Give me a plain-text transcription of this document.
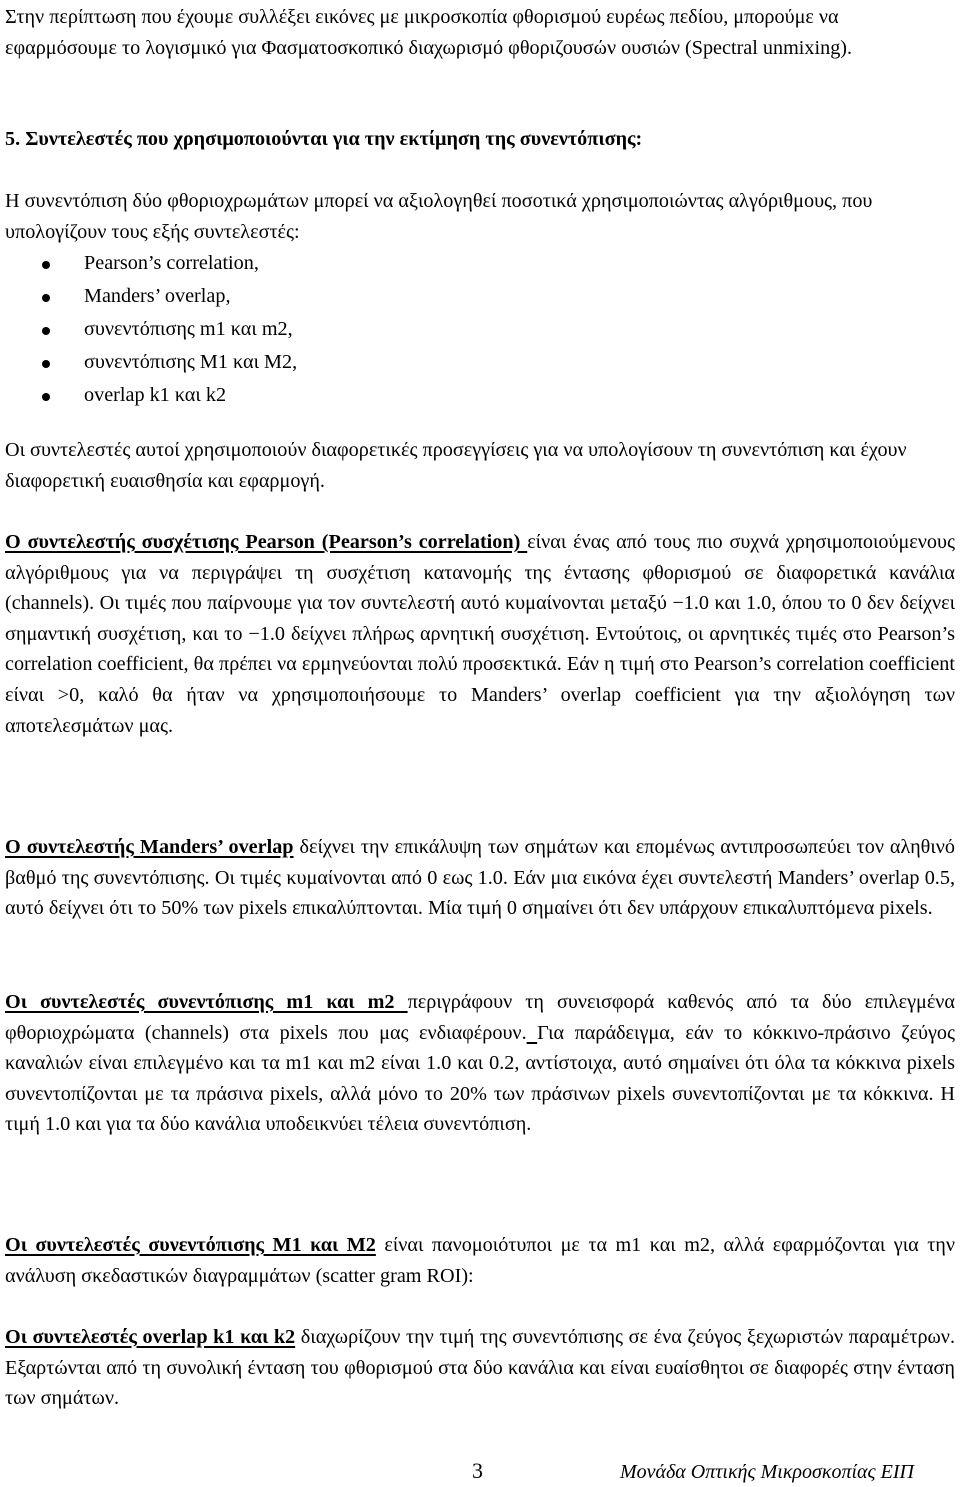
Στην περίπτωση που έχουμε συλλέξει εικόνες με μικροσκοπία φθορισμού ευρέως πεδίου, μπορούμε να εφαρμόσουμε το λογισμικό για Φασματοσκοπικό διαχωρισμό φθοριζουσών ουσιών (Spectral unmixing).

5. Συντελεστές που χρησιμοποιούνται για την εκτίμηση της συνεντόπισης:

Η συνεντόπιση δύο φθοριοχρωμάτων μπορεί να αξιολογηθεί ποσοτικά χρησιμοποιώντας αλγόριθμους, που υπολογίζουν τους εξής συντελεστές:

Pearson’s correlation,
Manders’ overlap,
συνεντόπισης m1 και m2,
συνεντόπισης M1 και M2,
overlap k1 και k2

Οι συντελεστές αυτοί χρησιμοποιούν διαφορετικές προσεγγίσεις για να υπολογίσουν τη συνεντόπιση και έχουν διαφορετική ευαισθησία και εφαρμογή.

Ο συντελεστής συσχέτισης Pearson (Pearson’s correlation) είναι ένας από τους πιο συχνά χρησιμοποιούμενους αλγόριθμους για να περιγράψει τη συσχέτιση κατανομής της έντασης φθορισμού σε διαφορετικά κανάλια (channels). Οι τιμές που παίρνουμε για τον συντελεστή αυτό κυμαίνονται μεταξύ −1.0 και 1.0, όπου το 0 δεν δείχνει σημαντική συσχέτιση, και το −1.0 δείχνει πλήρως αρνητική συσχέτιση. Εντούτοις, οι αρνητικές τιμές στο Pearson’s correlation coefficient, θα πρέπει να ερμηνεύονται πολύ προσεκτικά. Εάν η τιμή στο Pearson’s correlation coefficient είναι >0, καλό θα ήταν να χρησιμοποιήσουμε το Manders’ overlap coefficient για την αξιολόγηση των αποτελεσμάτων μας.

Ο συντελεστής Manders’ overlap δείχνει την επικάλυψη των σημάτων και επομένως αντιπροσωπεύει τον αληθινό βαθμό της συνεντόπισης. Οι τιμές κυμαίνονται από 0 εως 1.0. Εάν μια εικόνα έχει συντελεστή Manders’ overlap 0.5, αυτό δείχνει ότι το 50% των pixels επικαλύπτονται. Μία τιμή 0 σημαίνει ότι δεν υπάρχουν επικαλυπτόμενα pixels.

Οι συντελεστές συνεντόπισης m1 και m2 περιγράφουν τη συνεισφορά καθενός από τα δύο επιλεγμένα φθοριοχρώματα (channels) στα pixels που μας ενδιαφέρουν. Για παράδειγμα, εάν το κόκκινο-πράσινο ζεύγος καναλιών είναι επιλεγμένο και τα m1 και m2 είναι 1.0 και 0.2, αντίστοιχα, αυτό σημαίνει ότι όλα τα κόκκινα pixels συνεντοπίζονται με τα πράσινα pixels, αλλά μόνο το 20% των πράσινων pixels συνεντοπίζονται με τα κόκκινα. Η τιμή 1.0 και για τα δύο κανάλια υποδεικνύει τέλεια συνεντόπιση.

Οι συντελεστές συνεντόπισης M1 και M2 είναι πανομοιότυποι με τα m1 και m2, αλλά εφαρμόζονται για την ανάλυση σκεδαστικών διαγραμμάτων (scatter gram ROI):

Οι συντελεστές overlap k1 και k2 διαχωρίζουν την τιμή της συνεντόπισης σε ένα ζεύγος ξεχωριστών παραμέτρων. Εξαρτώνται από τη συνολική ένταση του φθορισμού στα δύο κανάλια και είναι ευαίσθητοι σε διαφορές στην ένταση των σημάτων.

3	Μονάδα Οπτικής Μικροσκοπίας ΕΙΠ
